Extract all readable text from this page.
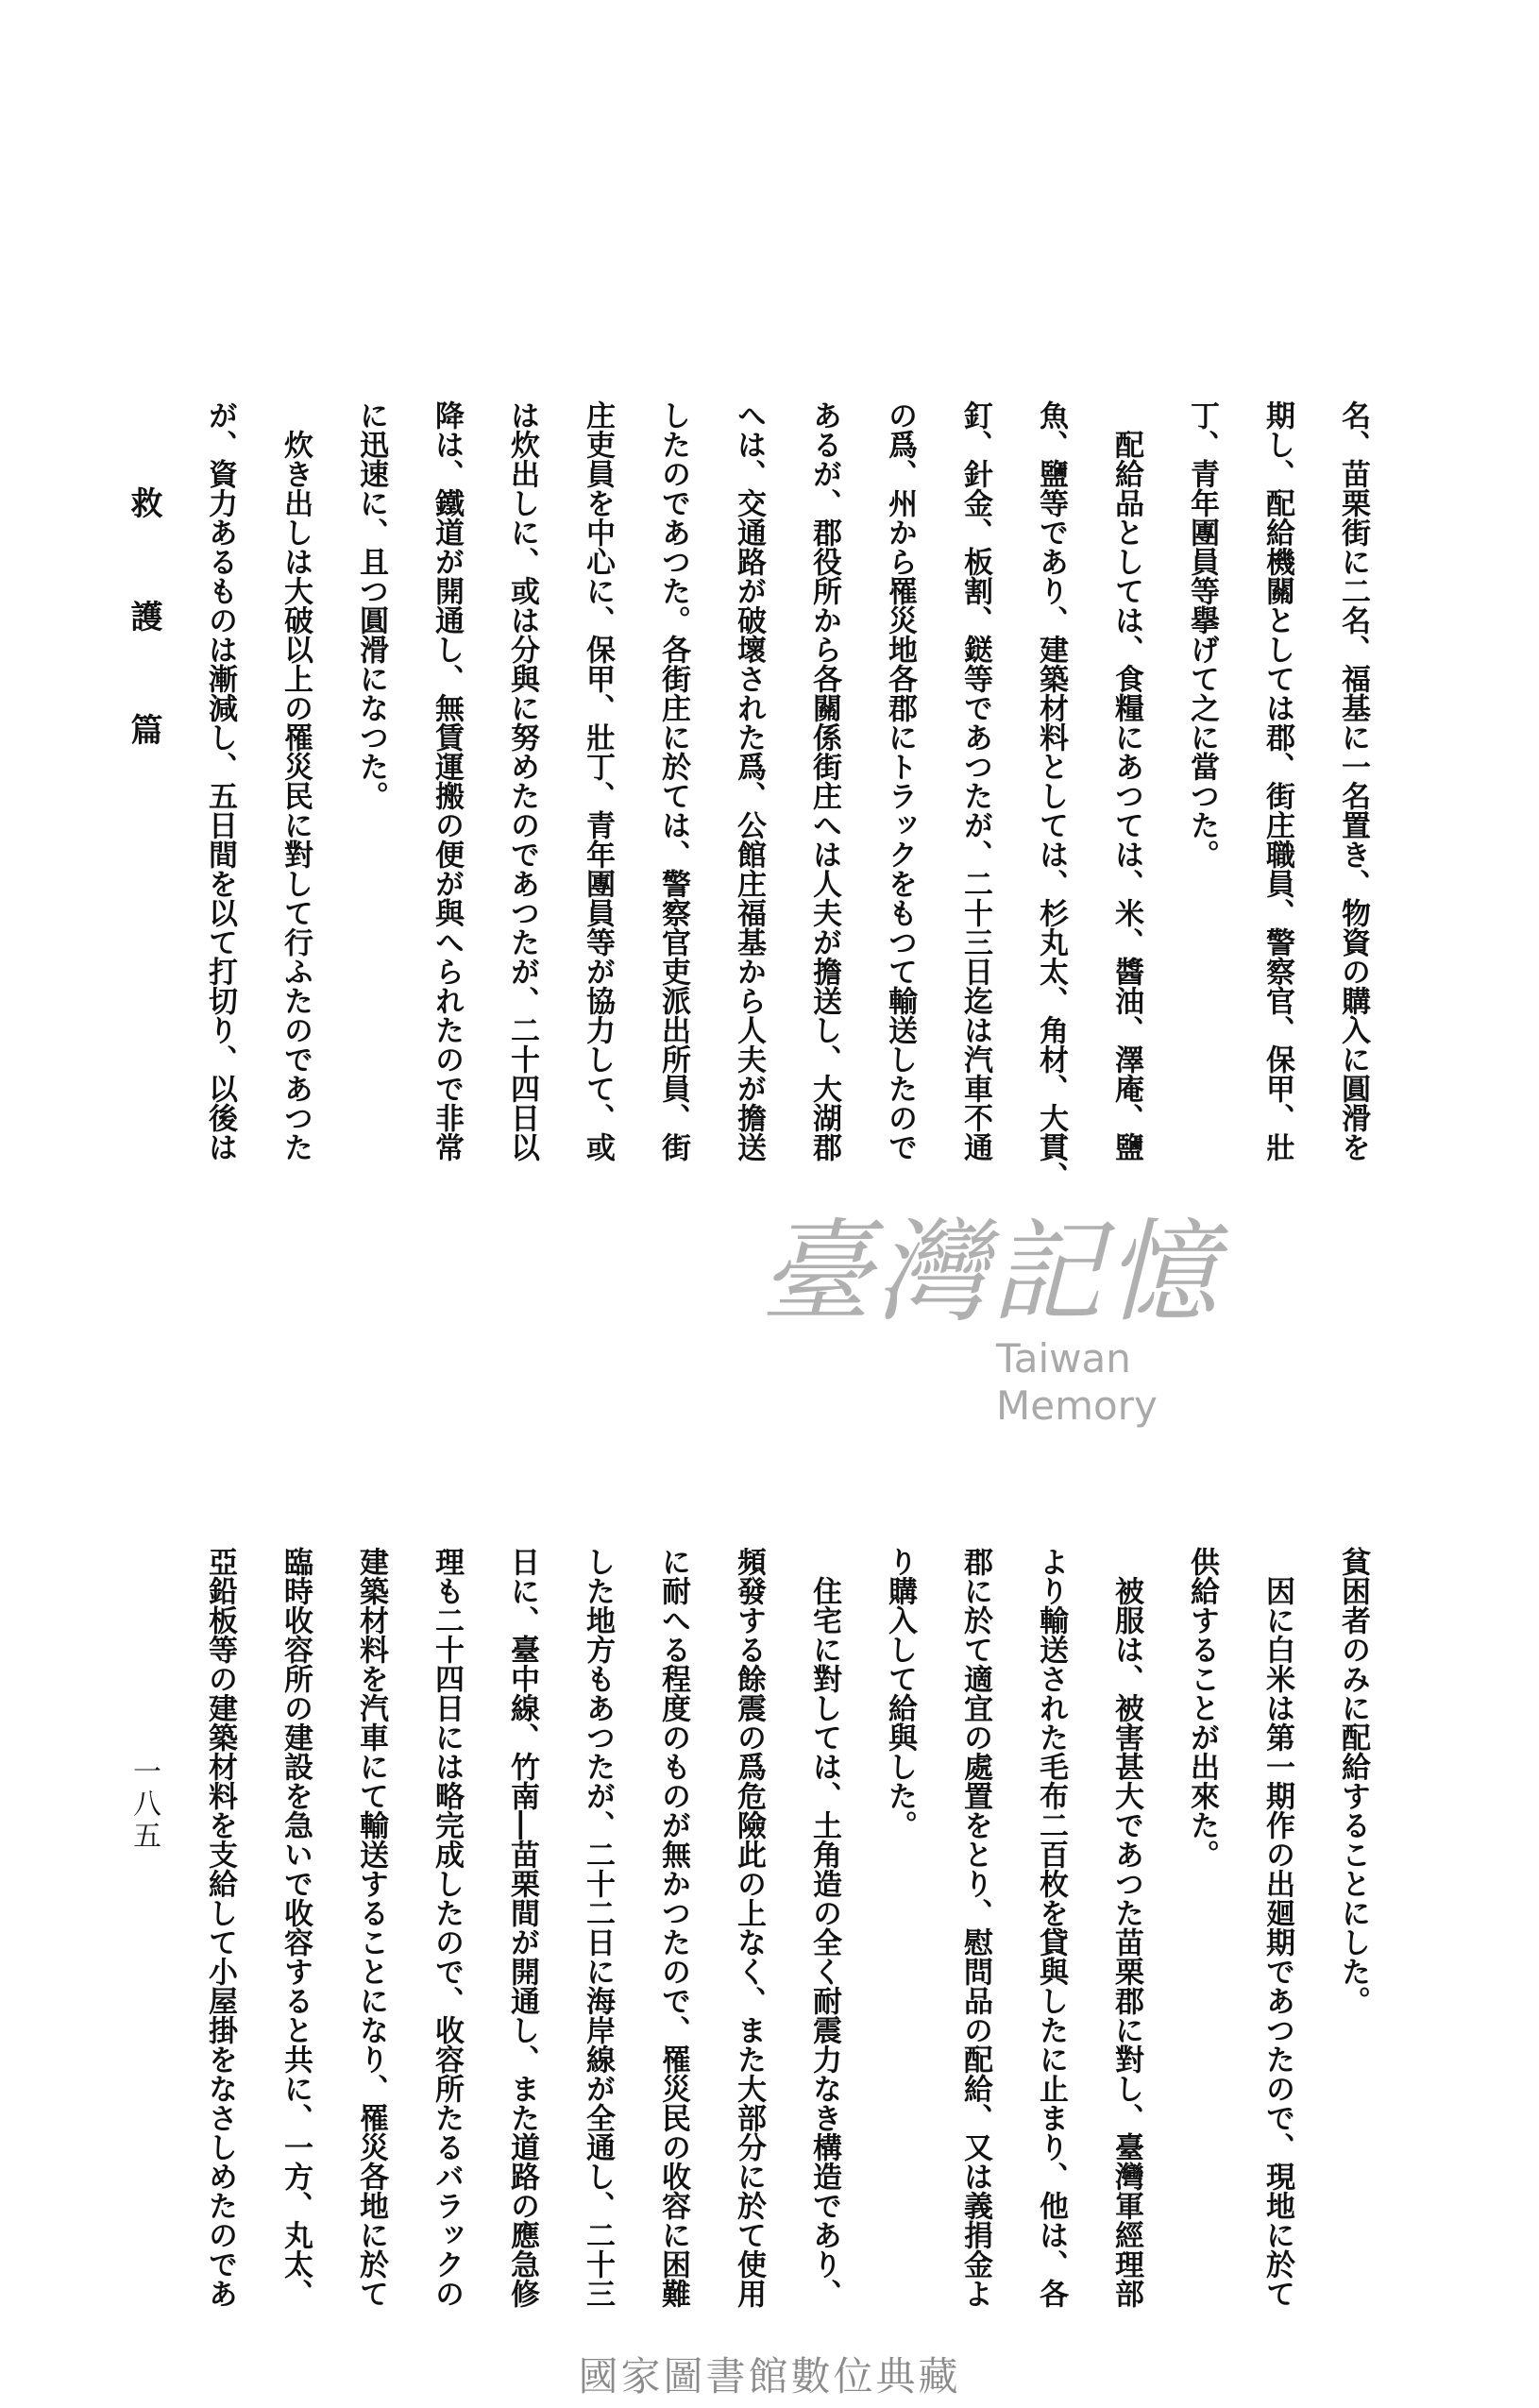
救護篇
一八五

名、苗栗街に二名、福基に一名置き、物資の購入に圓滑を

期し、配給機關としては郡、街庄職員、警察官、保甲、壯

丁、青年團員等擧げて之に當つた。

配給品としては、食糧にあつては、米、醬油、澤庵、鹽

魚、鹽等であり、建築材料としては、杉丸太、角材、大貫、

釘、針金、板割、鎹等であつたが、二十三日迄は汽車不通

の爲、州から罹災地各郡にトラックをもつて輸送したので

あるが、郡役所から各關係街庄へは人夫が擔送し、大湖郡

へは、交通路が破壞された爲、公館庄福基から人夫が擔送

したのであつた。各街庄に於ては、警察官吏派出所員、街

庄吏員を中心に、保甲、壯丁、青年團員等が協力して、或

は炊出しに、或は分與に努めたのであつたが、二十四日以

降は、鐵道が開通し、無賃運搬の便が與へられたので非常

に迅速に、且つ圓滑になつた。

炊き出しは大破以上の罹災民に對して行ふたのであつた

が、資力あるものは漸減し、五日間を以て打切り、以後は

貧困者のみに配給することにした。

因に白米は第一期作の出廻期であつたので、現地に於て

供給することが出來た。

被服は、被害甚大であつた苗栗郡に對し、臺灣軍經理部

より輸送された毛布二百枚を貸與したに止まり、他は、各

郡に於て適宜の處置をとり、慰問品の配給、又は義捐金よ

り購入して給與した。

住宅に對しては、土角造の全く耐震力なき構造であり、

頻發する餘震の爲危險此の上なく、また大部分に於て使用

に耐へる程度のものが無かつたので、罹災民の收容に困難

した地方もあつたが、二十二日に海岸線が全通し、二十三

日に、臺中線、竹南―苗栗間が開通し、また道路の應急修

理も二十四日には略完成したので、收容所たるバラックの

建築材料を汽車にて輸送することになり、罹災各地に於て

臨時收容所の建設を急いで收容すると共に、一方、丸太、

亞鉛板等の建築材料を支給して小屋掛をなさしめたのであ

臺灣記憶
Taiwan Memory
國家圖書館數位典藏
